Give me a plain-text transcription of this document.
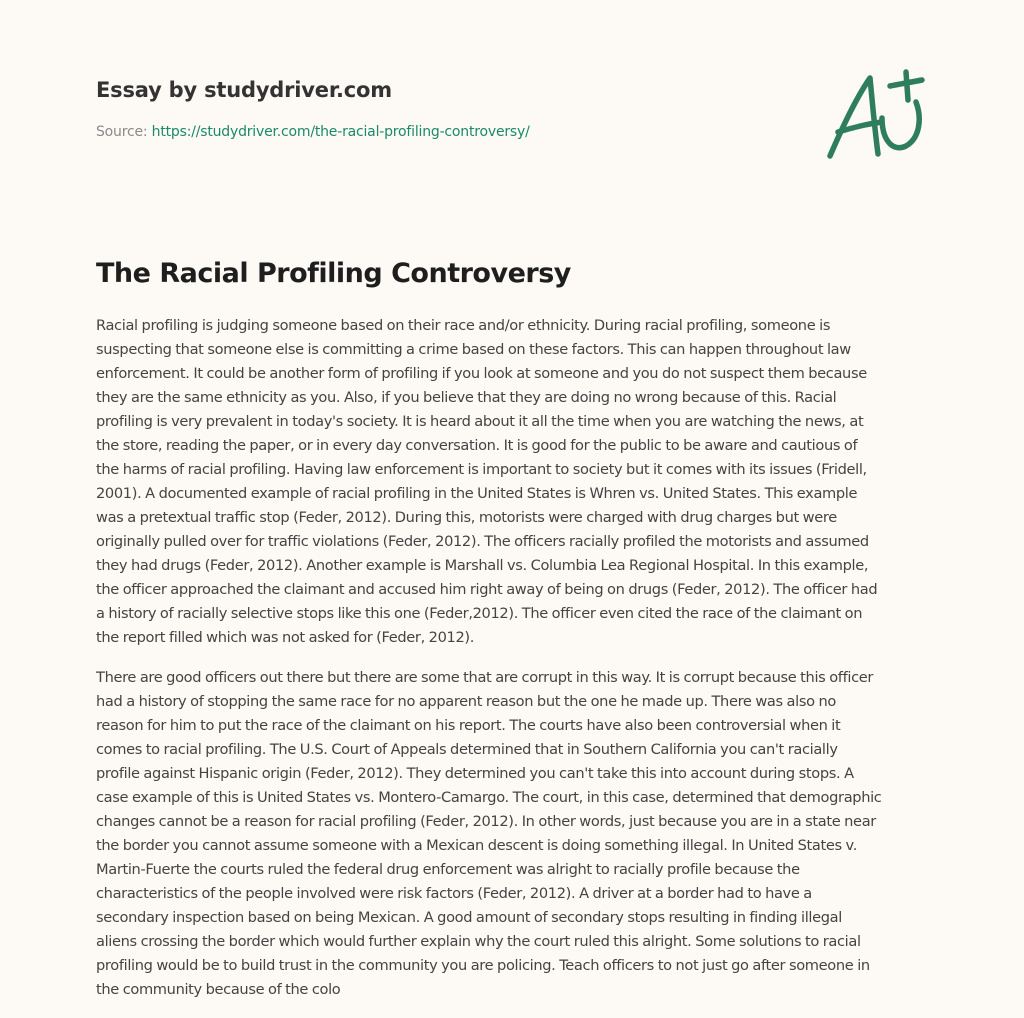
Essay by studydriver.com
Source: https://studydriver.com/the-racial-profiling-controversy/
The Racial Profiling Controversy

Racial profiling is judging someone based on their race and/or ethnicity. During racial profiling, someone is
suspecting that someone else is committing a crime based on these factors. This can happen throughout law
enforcement. It could be another form of profiling if you look at someone and you do not suspect them because
they are the same ethnicity as you. Also, if you believe that they are doing no wrong because of this. Racial
profiling is very prevalent in today's society. It is heard about it all the time when you are watching the news, at
the store, reading the paper, or in every day conversation. It is good for the public to be aware and cautious of
the harms of racial profiling. Having law enforcement is important to society but it comes with its issues (Fridell,
2001). A documented example of racial profiling in the United States is Whren vs. United States. This example
was a pretextual traffic stop (Feder, 2012). During this, motorists were charged with drug charges but were
originally pulled over for traffic violations (Feder, 2012). The officers racially profiled the motorists and assumed
they had drugs (Feder, 2012). Another example is Marshall vs. Columbia Lea Regional Hospital. In this example,
the officer approached the claimant and accused him right away of being on drugs (Feder, 2012). The officer had
a history of racially selective stops like this one (Feder,2012). The officer even cited the race of the claimant on
the report filled which was not asked for (Feder, 2012).

There are good officers out there but there are some that are corrupt in this way. It is corrupt because this officer
had a history of stopping the same race for no apparent reason but the one he made up. There was also no
reason for him to put the race of the claimant on his report. The courts have also been controversial when it
comes to racial profiling. The U.S. Court of Appeals determined that in Southern California you can't racially
profile against Hispanic origin (Feder, 2012). They determined you can't take this into account during stops. A
case example of this is United States vs. Montero-Camargo. The court, in this case, determined that demographic
changes cannot be a reason for racial profiling (Feder, 2012). In other words, just because you are in a state near
the border you cannot assume someone with a Mexican descent is doing something illegal. In United States v.
Martin-Fuerte the courts ruled the federal drug enforcement was alright to racially profile because the
characteristics of the people involved were risk factors (Feder, 2012). A driver at a border had to have a
secondary inspection based on being Mexican. A good amount of secondary stops resulting in finding illegal
aliens crossing the border which would further explain why the court ruled this alright. Some solutions to racial
profiling would be to build trust in the community you are policing. Teach officers to not just go after someone in
the community because of the colo
